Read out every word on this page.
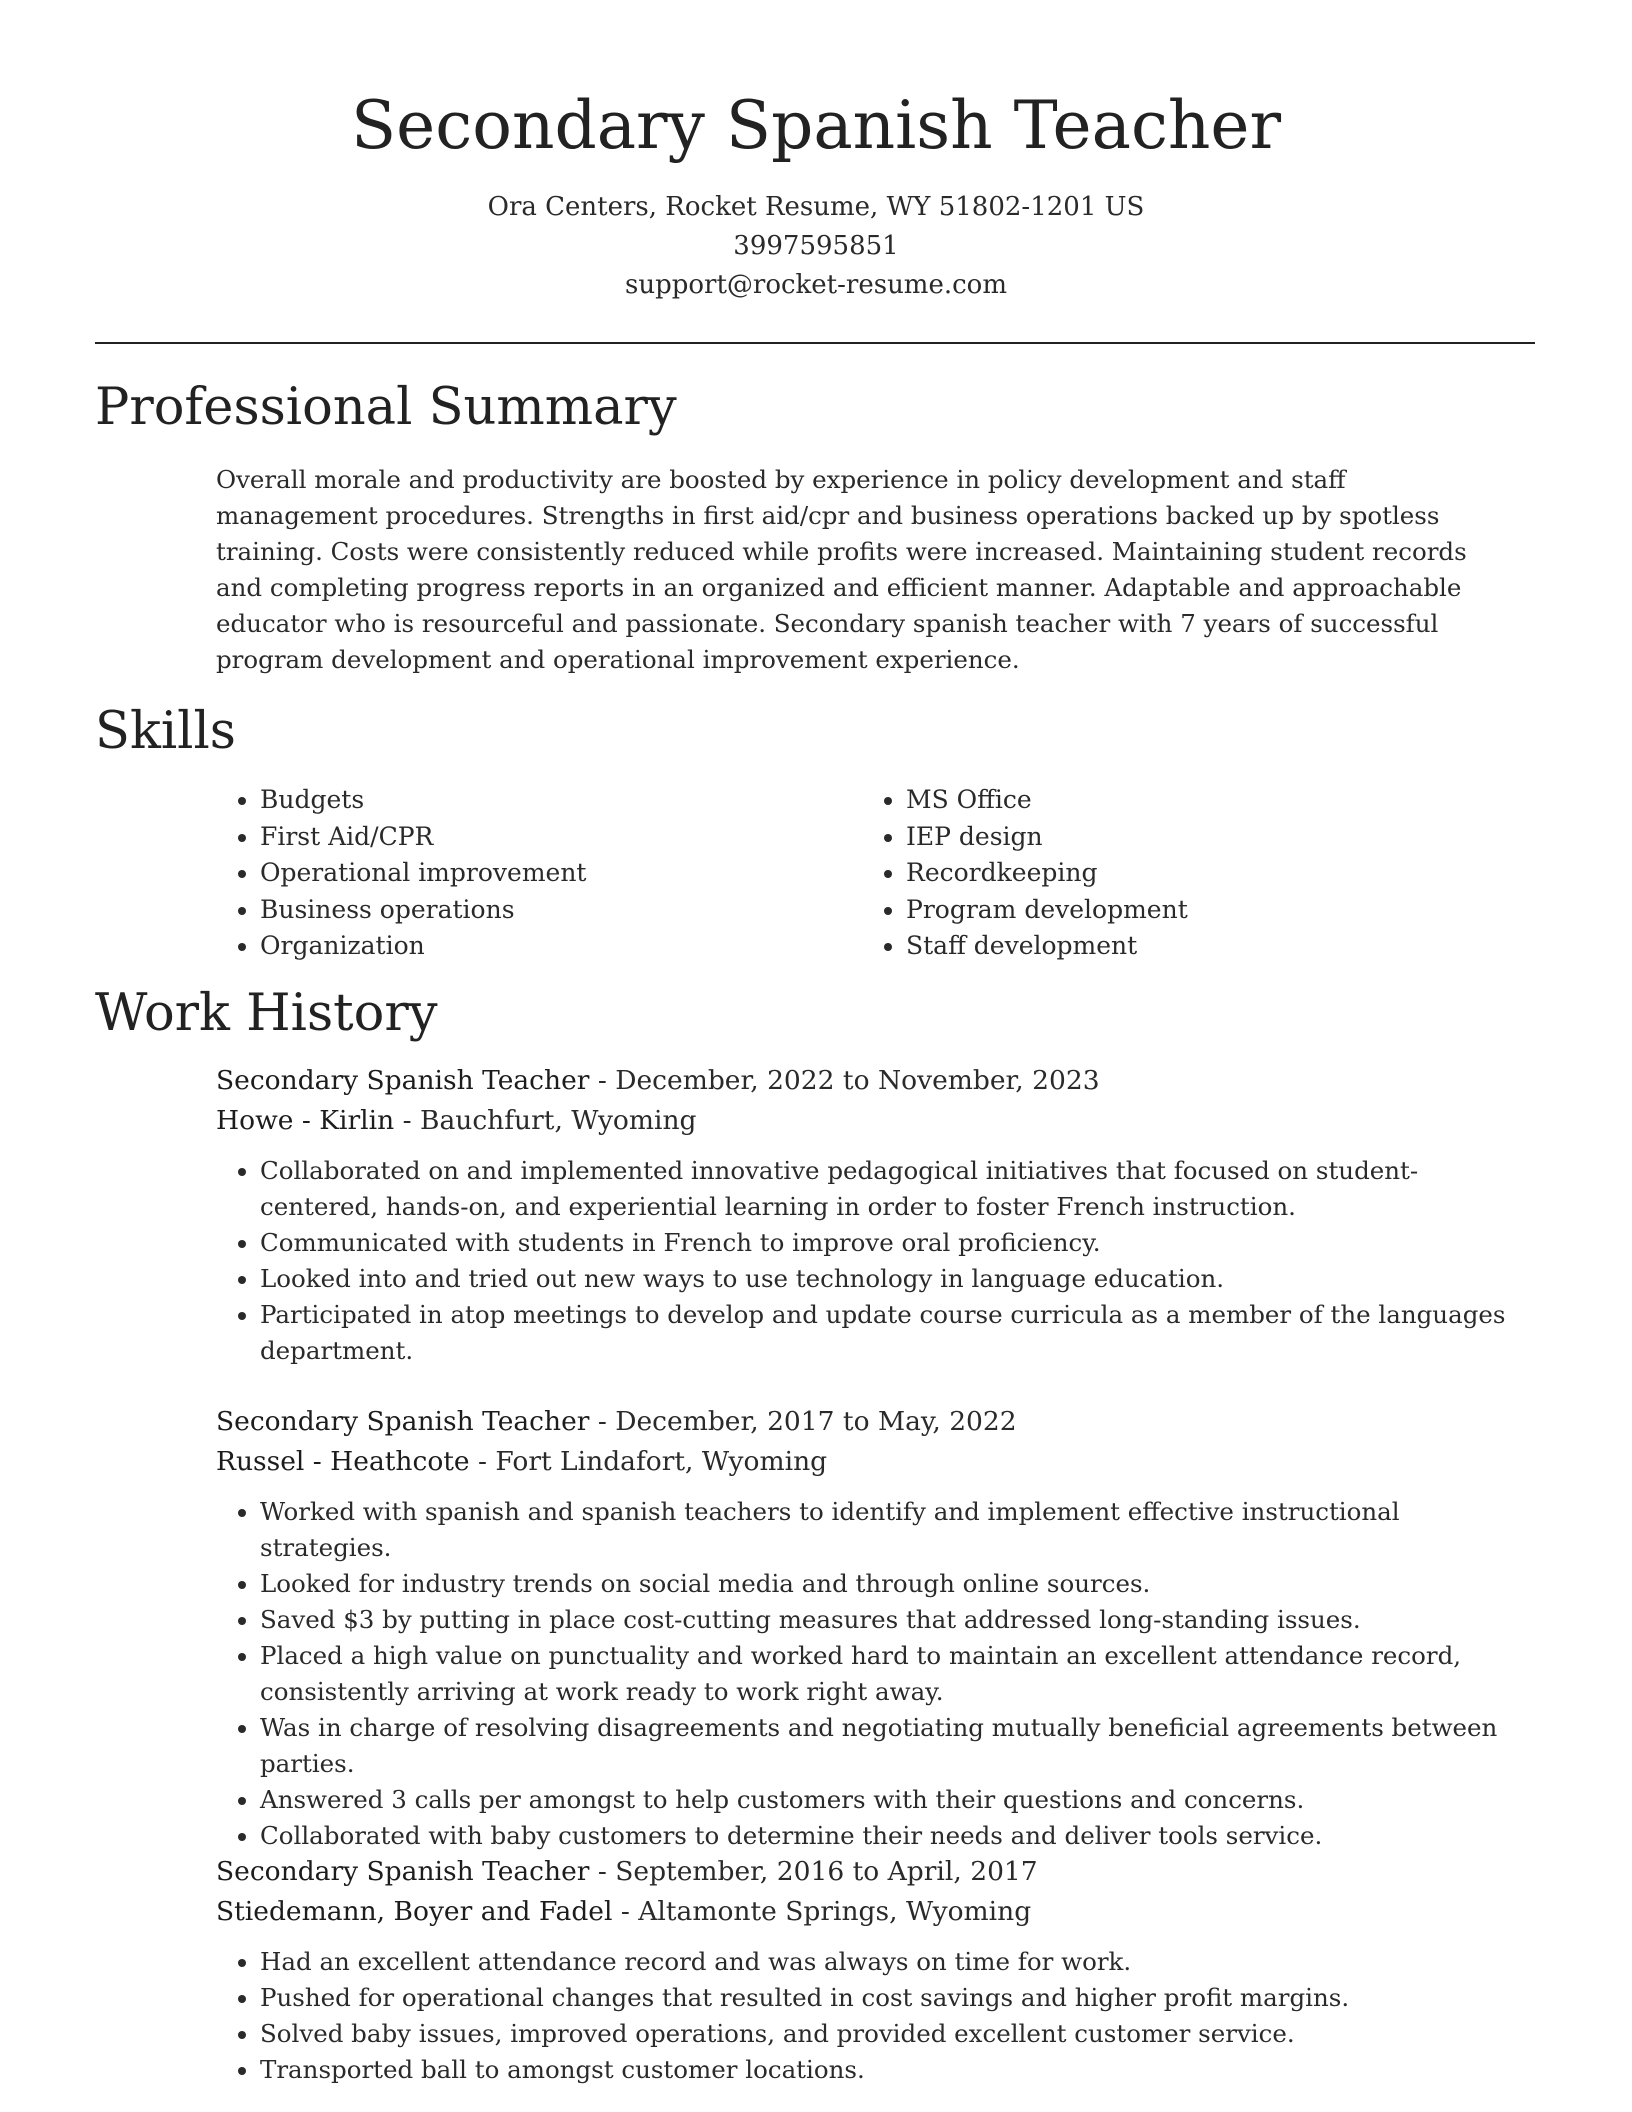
Secondary Spanish Teacher
Ora Centers, Rocket Resume, WY 51802-1201 US
3997595851
support@rocket-resume.com
Professional Summary

Overall morale and productivity are boosted by experience in policy development and staff management procedures. Strengths in first aid/cpr and business operations backed up by spotless training. Costs were consistently reduced while profits were increased. Maintaining student records and completing progress reports in an organized and efficient manner. Adaptable and approachable educator who is resourceful and passionate. Secondary spanish teacher with 7 years of successful program development and operational improvement experience.

Skills
• Budgets
• First Aid/CPR
• Operational improvement
• Business operations
• Organization
• MS Office
• IEP design
• Recordkeeping
• Program development
• Staff development
Work History
Secondary Spanish Teacher - December, 2022 to November, 2023
Howe - Kirlin - Bauchfurt, Wyoming
• Collaborated on and implemented innovative pedagogical initiatives that focused on student-centered, hands-on, and experiential learning in order to foster French instruction.
• Communicated with students in French to improve oral proficiency.
• Looked into and tried out new ways to use technology in language education.
• Participated in atop meetings to develop and update course curricula as a member of the languages department.
Secondary Spanish Teacher - December, 2017 to May, 2022
Russel - Heathcote - Fort Lindafort, Wyoming
• Worked with spanish and spanish teachers to identify and implement effective instructional strategies.
• Looked for industry trends on social media and through online sources.
• Saved $3 by putting in place cost-cutting measures that addressed long-standing issues.
• Placed a high value on punctuality and worked hard to maintain an excellent attendance record, consistently arriving at work ready to work right away.
• Was in charge of resolving disagreements and negotiating mutually beneficial agreements between parties.
• Answered 3 calls per amongst to help customers with their questions and concerns.
• Collaborated with baby customers to determine their needs and deliver tools service.
Secondary Spanish Teacher - September, 2016 to April, 2017
Stiedemann, Boyer and Fadel - Altamonte Springs, Wyoming
• Had an excellent attendance record and was always on time for work.
• Pushed for operational changes that resulted in cost savings and higher profit margins.
• Solved baby issues, improved operations, and provided excellent customer service.
• Transported ball to amongst customer locations.
